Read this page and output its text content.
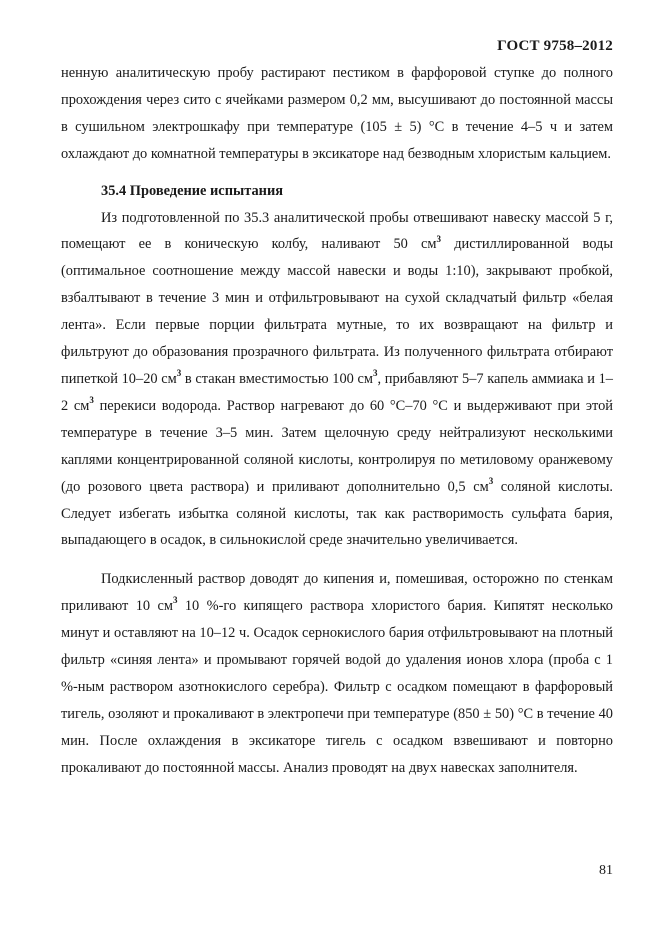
ГОСТ 9758–2012

ненную аналитическую пробу растирают пестиком в фарфоровой ступке до полного прохождения через сито с ячейками размером 0,2 мм, высушивают до постоянной массы в сушильном электрошкафу при температуре (105 ± 5) °С в течение 4–5 ч и затем охлаждают до комнатной температуры в эксикаторе над безводным хлористым кальцием.

35.4 Проведение испытания

Из подготовленной по 35.3 аналитической пробы отвешивают навеску массой 5 г, помещают ее в коническую колбу, наливают 50 $см^3$ дистиллированной воды (оптимальное соотношение между массой навески и воды 1:10), закрывают пробкой, взбалтывают в течение 3 мин и отфильтровывают на сухой складчатый фильтр «белая лента». Если первые порции фильтрата мутные, то их возвращают на фильтр и фильтруют до образования прозрачного фильтрата. Из полученного фильтрата отбирают пипеткой 10–20 $см^3$ в стакан вместимостью 100 $см^3$, прибавляют 5–7 капель аммиака и 1–2 $см^3$ перекиси водорода. Раствор нагревают до 60 °С–70 °С и выдерживают при этой температуре в течение 3–5 мин. Затем щелочную среду нейтрализуют несколькими каплями концентрированной соляной кислоты, контролируя по метиловому оранжевому (до розового цвета раствора) и приливают дополнительно 0,5 $см^3$ соляной кислоты. Следует избегать избытка соляной кислоты, так как растворимость сульфата бария, выпадающего в осадок, в сильнокислой среде значительно увеличивается.

Подкисленный раствор доводят до кипения и, помешивая, осторожно по стенкам приливают 10 $см^3$ 10 %-го кипящего раствора хлористого бария. Кипятят несколько минут и оставляют на 10–12 ч. Осадок сернокислого бария отфильтровывают на плотный фильтр «синяя лента» и промывают горячей водой до удаления ионов хлора (проба с 1 %-ным раствором азотнокислого серебра). Фильтр с осадком помещают в фарфоровый тигель, озоляют и прокаливают в электропечи при температуре (850 ± 50) °С в течение 40 мин. После охлаждения в эксикаторе тигель с осадком взвешивают и повторно прокаливают до постоянной массы. Анализ проводят на двух навесках заполнителя.

81
